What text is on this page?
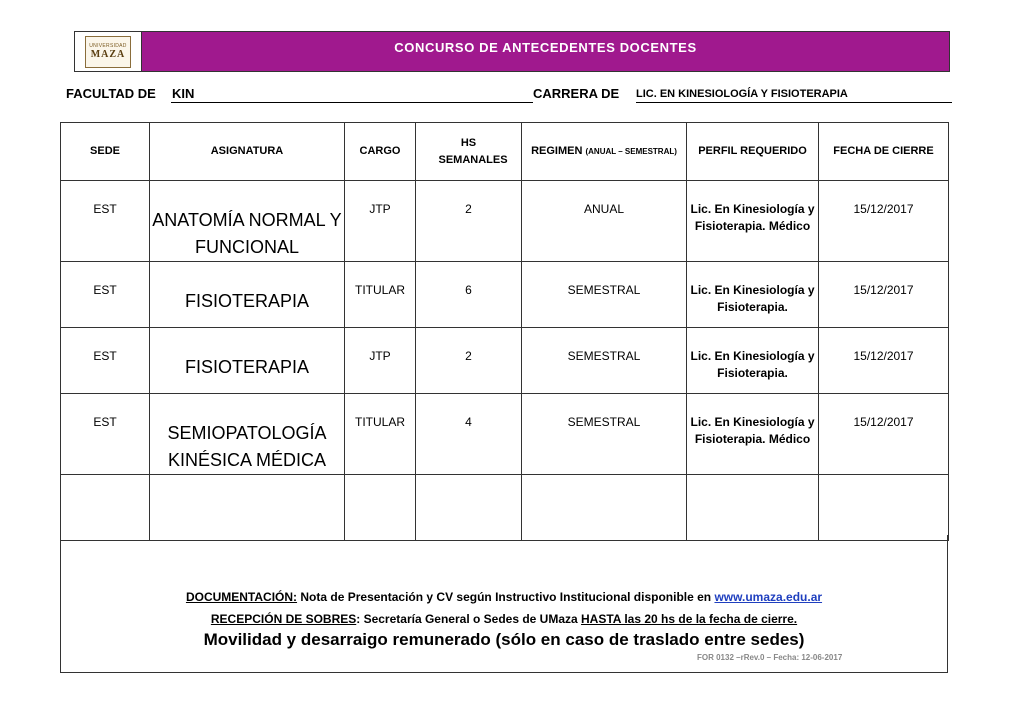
UNIVERSIDAD
MAZA	CONCURSO DE ANTECEDENTES DOCENTES
FACULTAD DE KIN	CARRERA DE LIC. EN KINESIOLOGÍA Y FISIOTERAPIA
SEDE	ASIGNATURA	CARGO	HS SEMANALES	REGIMEN (ANUAL – SEMESTRAL)	PERFIL REQUERIDO	FECHA DE CIERRE
EST	ANATOMÍA NORMAL Y FUNCIONAL	JTP	2	ANUAL	Lic. En Kinesiología y Fisioterapia. Médico	15/12/2017
EST	FISIOTERAPIA	TITULAR	6	SEMESTRAL	Lic. En Kinesiología y Fisioterapia.	15/12/2017
EST	FISIOTERAPIA	JTP	2	SEMESTRAL	Lic. En Kinesiología y Fisioterapia.	15/12/2017
EST	SEMIOPATOLOGÍA KINÉSICA MÉDICA	TITULAR	4	SEMESTRAL	Lic. En Kinesiología y Fisioterapia. Médico	15/12/2017

DOCUMENTACIÓN: Nota de Presentación y CV según Instructivo Institucional disponible en www.umaza.edu.ar
RECEPCIÓN DE SOBRES: Secretaría General o Sedes de UMaza HASTA las 20 hs de la fecha de cierre.
Movilidad y desarraigo remunerado (sólo en caso de traslado entre sedes)
FOR 0132 –rRev.0 – Fecha: 12-06-2017
